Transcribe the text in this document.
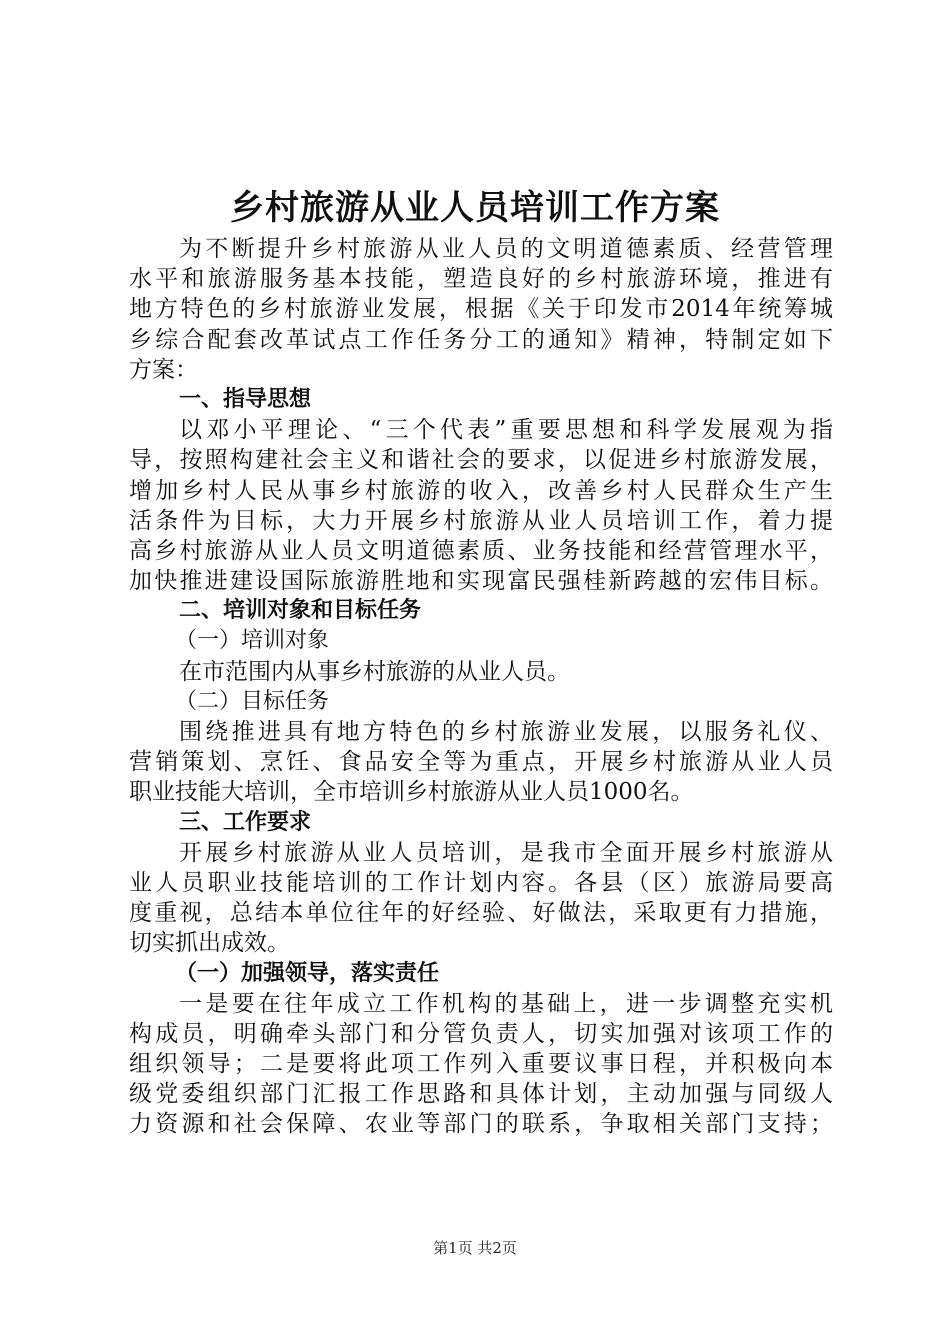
乡村旅游从业人员培训工作方案
为不断提升乡村旅游从业人员的文明道德素质、经营管理
水平和旅游服务基本技能，塑造良好的乡村旅游环境，推进有
地方特色的乡村旅游业发展，根据《关于印发市2014年统筹城
乡综合配套改革试点工作任务分工的通知》精神，特制定如下
方案：
一、指导思想
以邓小平理论、“三个代表”重要思想和科学发展观为指
导，按照构建社会主义和谐社会的要求，以促进乡村旅游发展，
增加乡村人民从事乡村旅游的收入，改善乡村人民群众生产生
活条件为目标，大力开展乡村旅游从业人员培训工作，着力提
高乡村旅游从业人员文明道德素质、业务技能和经营管理水平，
加快推进建设国际旅游胜地和实现富民强桂新跨越的宏伟目标。
二、培训对象和目标任务
（一）培训对象
在市范围内从事乡村旅游的从业人员。
（二）目标任务
围绕推进具有地方特色的乡村旅游业发展，以服务礼仪、
营销策划、烹饪、食品安全等为重点，开展乡村旅游从业人员
职业技能大培训，全市培训乡村旅游从业人员1000名。
三、工作要求
开展乡村旅游从业人员培训，是我市全面开展乡村旅游从
业人员职业技能培训的工作计划内容。各县（区）旅游局要高
度重视，总结本单位往年的好经验、好做法，采取更有力措施，
切实抓出成效。
（一）加强领导，落实责任
一是要在往年成立工作机构的基础上，进一步调整充实机
构成员，明确牵头部门和分管负责人，切实加强对该项工作的
组织领导；二是要将此项工作列入重要议事日程，并积极向本
级党委组织部门汇报工作思路和具体计划，主动加强与同级人
力资源和社会保障、农业等部门的联系，争取相关部门支持；
第1页 共2页
